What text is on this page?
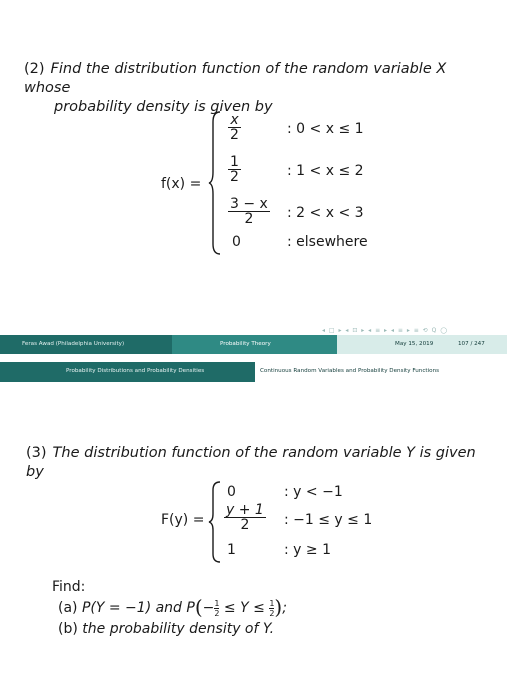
(2) Find the distribution function of the random variable X whose
probability density is given by
f(x) =
$\frac{x}{2}$	: 0 < x ≤ 1
$\frac{1}{2}$	: 1 < x ≤ 2
$\frac{3 - x}{2}$ : 2 < x < 3
0	: elsewhere
◂ □ ▸ ◂ ⊡ ▸ ◂ ≡ ▸ ◂ ≡ ▸ ≡ ⟲ Q ◯
Feras Awad (Philadelphia University)	Probability Theory	May 15, 2019	107 / 247
Probability Distributions and Probability Densities	Continuous Random Variables and Probability Density Functions
(3) The distribution function of the random variable Y is given by
F(y) =
0	: y < −1
$\frac{y + 1}{2}$ : −1 ≤ y ≤ 1
1	: y ≥ 1
Find:
(a) P(Y = −1) and $P(- \frac{1}{2} \le Y \le \frac{1}{2}$ );
(b) the probability density of Y.
